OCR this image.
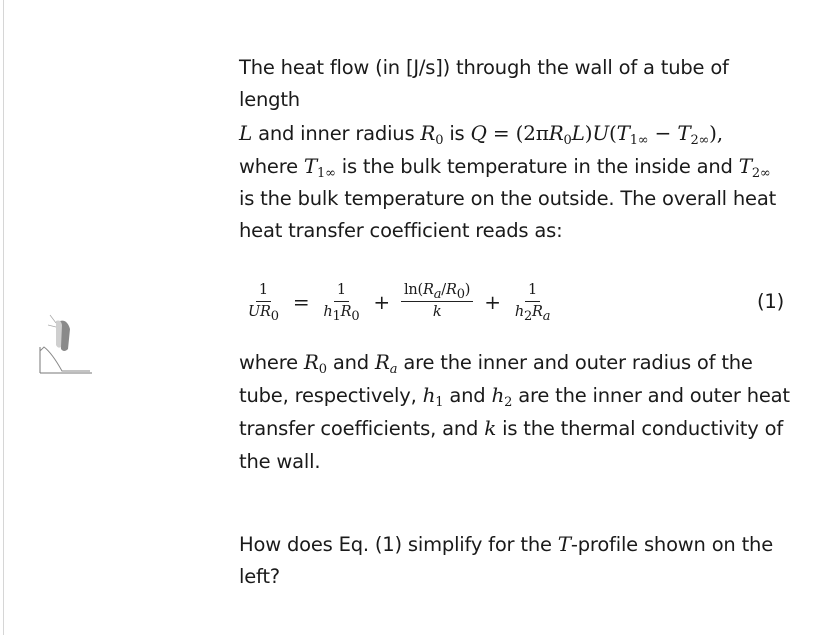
The heat flow (in [J/s]) through the wall of a tube of length
L and inner radius $R_0$ is $Q = (2\pi R_0L)U(T_{1\infty} - T_{2\infty})$,
where $T_{1\infty}$ is the bulk temperature in the inside and $T_{2\infty}$
is the bulk temperature on the outside. The overall heat
heat transfer coefficient reads as:

$\frac{1}{UR_0} = \frac{1}{h_1R_0} + \frac{\ln(R_a/R_0)}{k} + \frac{1}{h_2R_a}$	(1)

where $R_0$ and $R_a$ are the inner and outer radius of the
tube, respectively, $h_1$ and $h_2$ are the inner and outer heat
transfer coefficients, and k is the thermal conductivity of
the wall.

How does Eq. (1) simplify for the T-profile shown on the
left?
